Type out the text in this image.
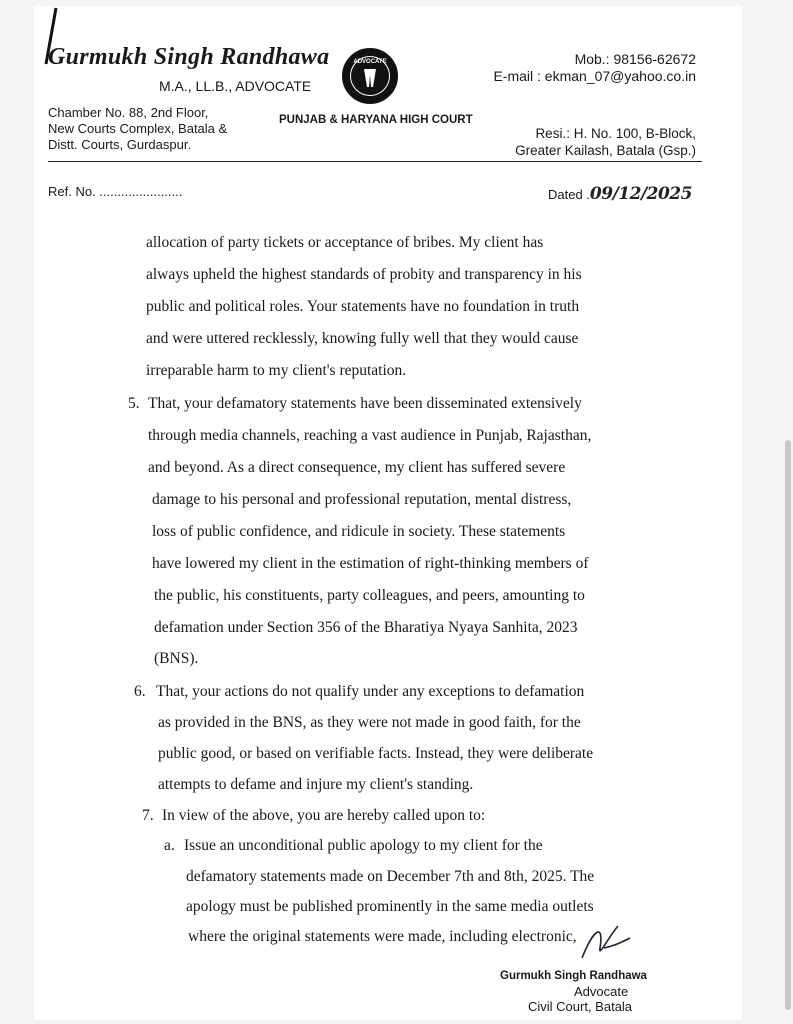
Gurmukh Singh Randhawa
M.A., LL.B., ADVOCATE
Chamber No. 88, 2nd Floor,
New Courts Complex, Batala &
Distt. Courts, Gurdaspur.
ADVOCATE
PUNJAB & HARYANA HIGH COURT
Mob.: 98156-62672
E-mail : ekman_07@yahoo.co.in
Resi.: H. No. 100, B-Block,
Greater Kailash, Batala (Gsp.)
Ref. No. .......................	Dated .09/12/2025
allocation of party tickets or acceptance of bribes. My client has
always upheld the highest standards of probity and transparency in his
public and political roles. Your statements have no foundation in truth
and were uttered recklessly, knowing fully well that they would cause
irreparable harm to my client's reputation.
5. That, your defamatory statements have been disseminated extensively
through media channels, reaching a vast audience in Punjab, Rajasthan,
and beyond. As a direct consequence, my client has suffered severe
damage to his personal and professional reputation, mental distress,
loss of public confidence, and ridicule in society. These statements
have lowered my client in the estimation of right-thinking members of
the public, his constituents, party colleagues, and peers, amounting to
defamation under Section 356 of the Bharatiya Nyaya Sanhita, 2023
(BNS).
6. That, your actions do not qualify under any exceptions to defamation
as provided in the BNS, as they were not made in good faith, for the
public good, or based on verifiable facts. Instead, they were deliberate
attempts to defame and injure my client's standing.
7. In view of the above, you are hereby called upon to:
a. Issue an unconditional public apology to my client for the
defamatory statements made on December 7th and 8th, 2025. The
apology must be published prominently in the same media outlets
where the original statements were made, including electronic,
Gurmukh Singh Randhawa
Advocate
Civil Court, Batala
